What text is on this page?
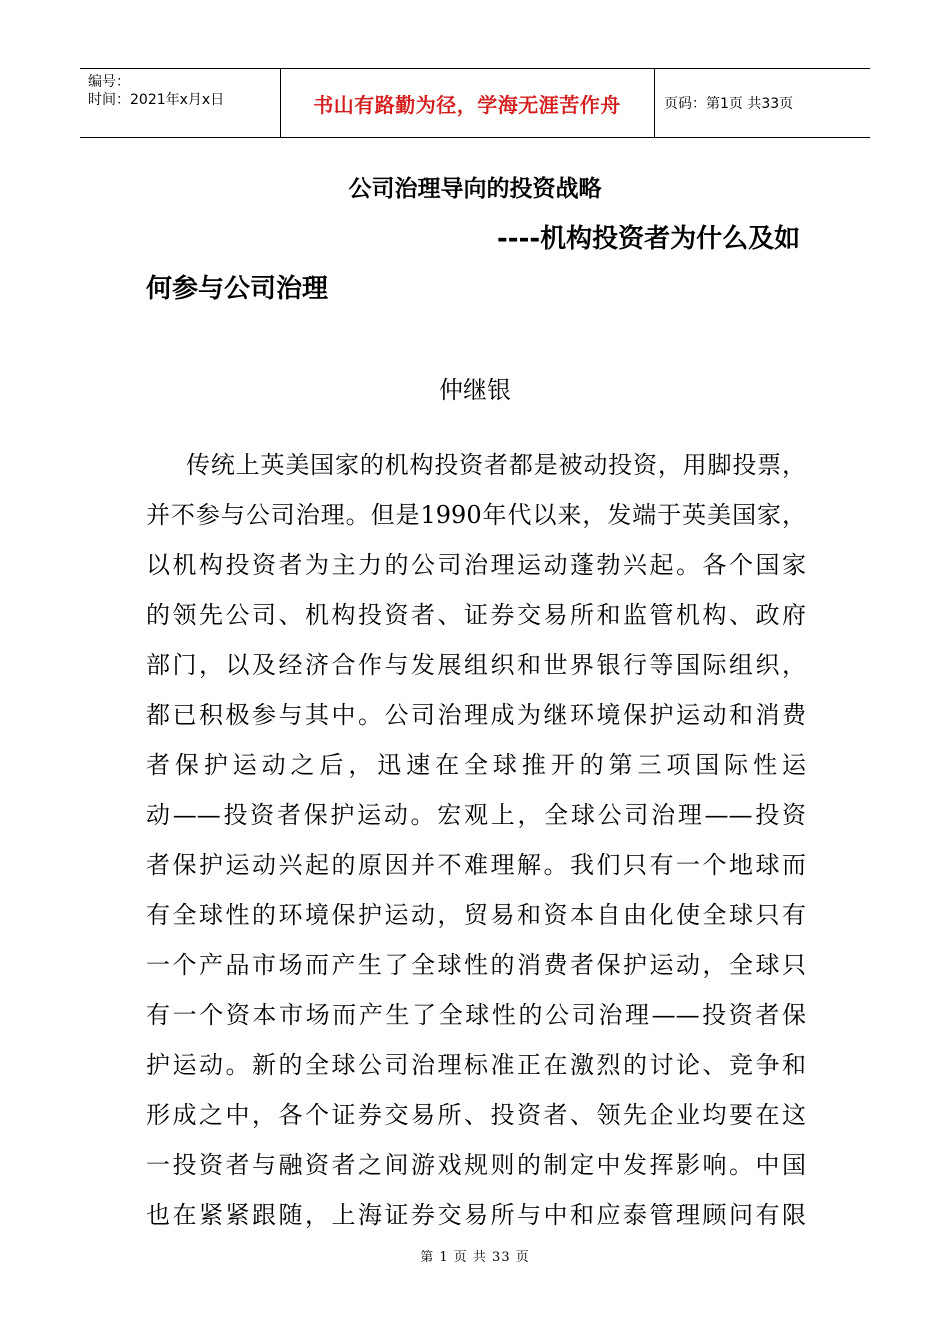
编号：
时间：2021年x月x日	书山有路勤为径，学海无涯苦作舟	页码：第1页 共33页
公司治理导向的投资战略
----机构投资者为什么及如
何参与公司治理
仲继银
传统上英美国家的机构投资者都是被动投资，用脚投票，
并不参与公司治理。但是1990年代以来，发端于英美国家，
以机构投资者为主力的公司治理运动蓬勃兴起。各个国家
的领先公司、机构投资者、证券交易所和监管机构、政府
部门，以及经济合作与发展组织和世界银行等国际组织，
都已积极参与其中。公司治理成为继环境保护运动和消费
者保护运动之后，迅速在全球推开的第三项国际性运
动——投资者保护运动。宏观上，全球公司治理——投资
者保护运动兴起的原因并不难理解。我们只有一个地球而
有全球性的环境保护运动，贸易和资本自由化使全球只有
一个产品市场而产生了全球性的消费者保护运动，全球只
有一个资本市场而产生了全球性的公司治理——投资者保
护运动。新的全球公司治理标准正在激烈的讨论、竞争和
形成之中，各个证券交易所、投资者、领先企业均要在这
一投资者与融资者之间游戏规则的制定中发挥影响。中国
也在紧紧跟随，上海证券交易所与中和应泰管理顾问有限
第 1 页 共 33 页
